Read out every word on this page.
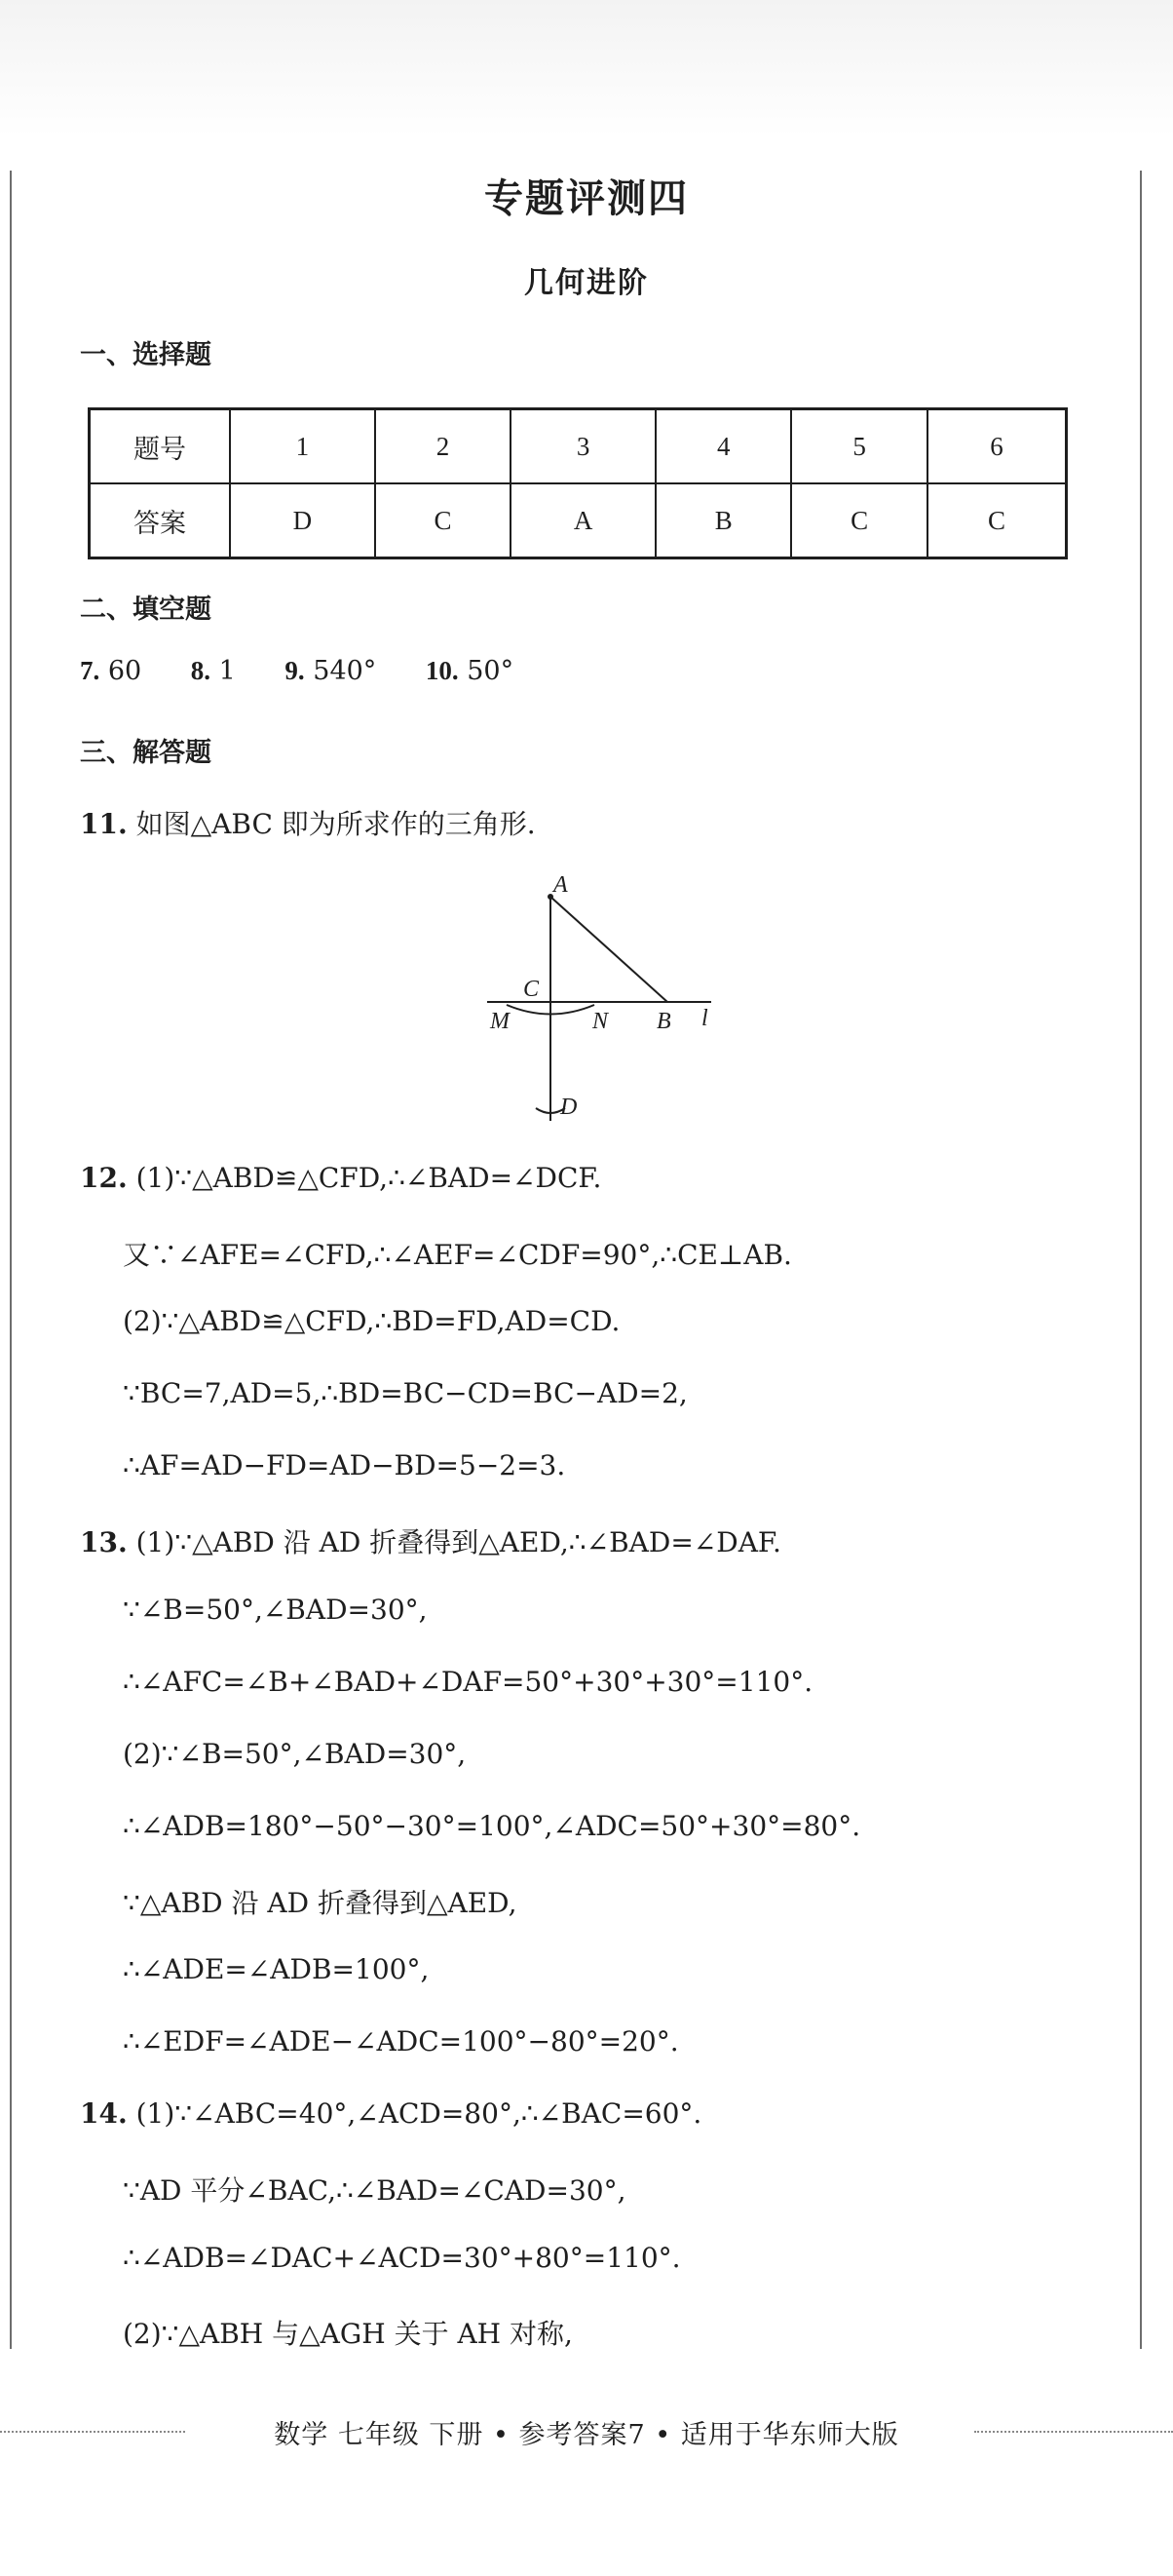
专题评测四
几何进阶
一、选择题
题号	1	2	3	4	5	6
答案	D	C	A	B	C	C
二、填空题
7. 60 8. 1 9. 540° 10. 50°
三、解答题
11. 如图△ABC 即为所求作的三角形.
A
C
M	N B l
D
12. (1)∵△ABD≌△CFD,∴∠BAD=∠DCF.
又∵∠AFE=∠CFD,∴∠AEF=∠CDF=90°,∴CE⊥AB.
(2)∵△ABD≌△CFD,∴BD=FD,AD=CD.
∵BC=7,AD=5,∴BD=BC−CD=BC−AD=2,
∴AF=AD−FD=AD−BD=5−2=3.
13. (1)∵△ABD 沿 AD 折叠得到△AED,∴∠BAD=∠DAF.
∵∠B=50°,∠BAD=30°,
∴∠AFC=∠B+∠BAD+∠DAF=50°+30°+30°=110°.
(2)∵∠B=50°,∠BAD=30°,
∴∠ADB=180°−50°−30°=100°,∠ADC=50°+30°=80°.
∵△ABD 沿 AD 折叠得到△AED,
∴∠ADE=∠ADB=100°,
∴∠EDF=∠ADE−∠ADC=100°−80°=20°.
14. (1)∵∠ABC=40°,∠ACD=80°,∴∠BAC=60°.
∵AD 平分∠BAC,∴∠BAD=∠CAD=30°,
∴∠ADB=∠DAC+∠ACD=30°+80°=110°.
(2)∵△ABH 与△AGH 关于 AH 对称,
数学 七年级 下册 • 参考答案7 • 适用于华东师大版
